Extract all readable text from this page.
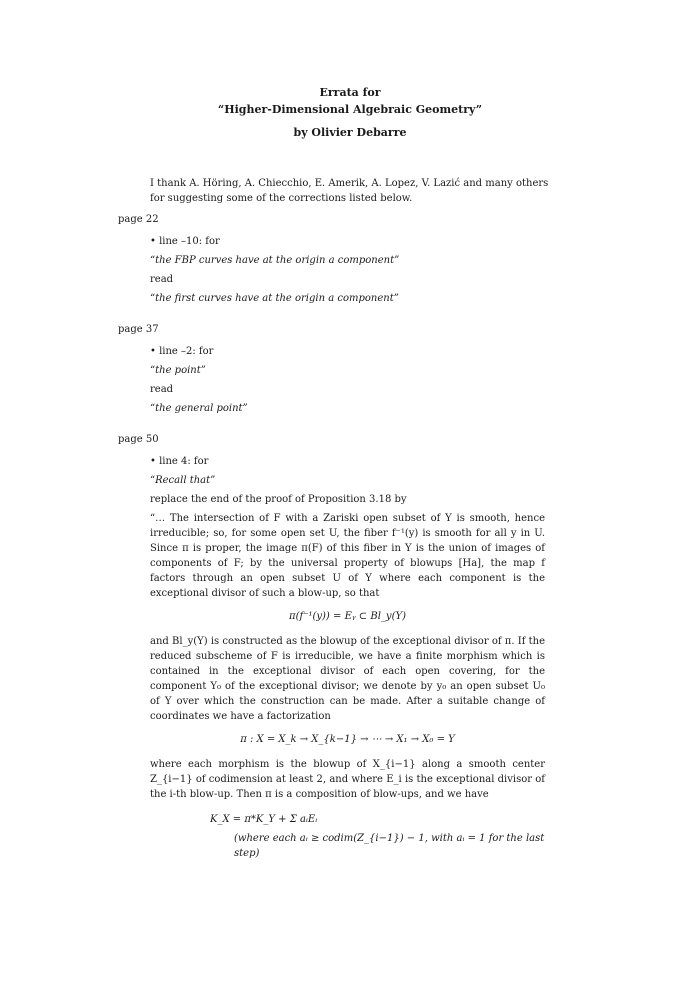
Errata for
“Higher-Dimensional Algebraic Geometry”
by Olivier Debarre
I thank A. Höring, A. Chiecchio, E. Amerik, A. Lopez, V. Lazić and many others for suggesting some of the corrections listed below.
page 22

• line –10: for

“the FBP curves have at the origin a component”

read

“the first curves have at the origin a component”

page 37

• line –2: for

“the point”

read

“the general point”

page 50

• line 4: for

“Recall that”

replace the end of the proof of Proposition 3.18 by

“… The intersection of F with a Zariski open subset of Y is smooth, hence irreducible; so, for some open set U, the fiber f⁻¹(y) is smooth for all y in U. Since π is proper, the image π(F) of this fiber in Y is the union of images of components of F; by the universal property of blowups [Ha], the map f factors through an open subset U of Y where each component is the exceptional divisor of such a blow-up, so that

π(f⁻¹(y)) = Eᵧ ⊂ Bl_y(Y)

and Bl_y(Y) is constructed as the blowup of the exceptional divisor of π. If the reduced subscheme of F is irreducible, we have a finite morphism which is contained in the exceptional divisor of each open covering, for the component Y₀ of the exceptional divisor; we denote by y₀ an open subset U₀ of Y over which the construction can be made. After a suitable change of coordinates we have a factorization

π : X = X_k → X_{k−1} → ⋯ → X₁ → X₀ = Y

where each morphism is the blowup of X_{i−1} along a smooth center Z_{i−1} of codimension at least 2, and where E_i is the exceptional divisor of the i-th blow-up. Then π is a composition of blow-ups, and we have

K_X = π*K_Y + Σ aᵢEᵢ
(where each aᵢ ≥ codim(Z_{i−1}) − 1, with aᵢ = 1 for the last step)
